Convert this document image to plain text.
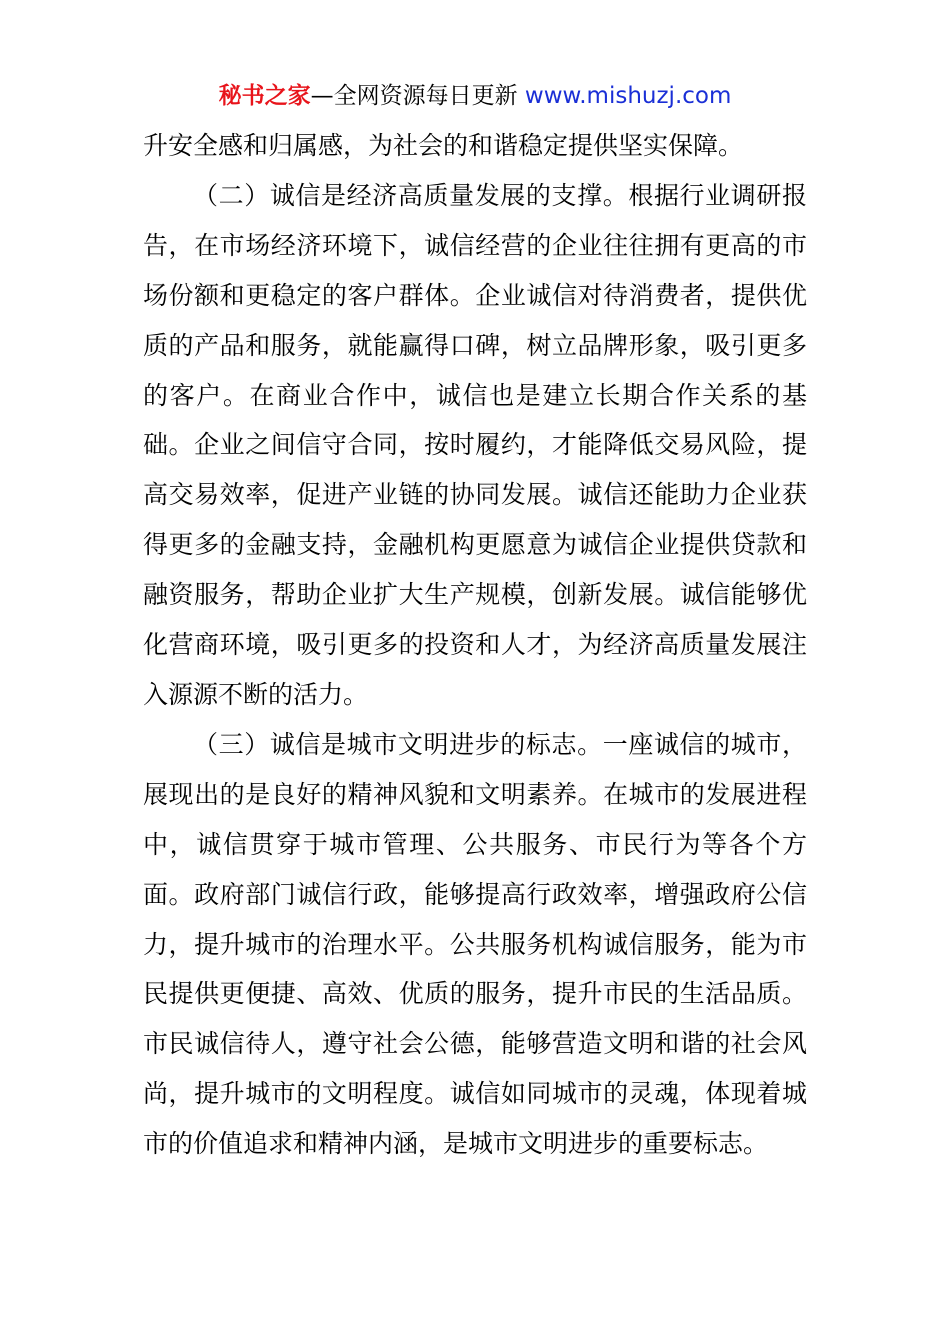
秘书之家—全网资源每日更新 www.mishuzj.com

升安全感和归属感，为社会的和谐稳定提供坚实保障。

（二）诚信是经济高质量发展的支撑。根据行业调研报告，在市场经济环境下，诚信经营的企业往往拥有更高的市场份额和更稳定的客户群体。企业诚信对待消费者，提供优质的产品和服务，就能赢得口碑，树立品牌形象，吸引更多的客户。在商业合作中，诚信也是建立长期合作关系的基础。企业之间信守合同，按时履约，才能降低交易风险，提高交易效率，促进产业链的协同发展。诚信还能助力企业获得更多的金融支持，金融机构更愿意为诚信企业提供贷款和融资服务，帮助企业扩大生产规模，创新发展。诚信能够优化营商环境，吸引更多的投资和人才，为经济高质量发展注入源源不断的活力。

（三）诚信是城市文明进步的标志。一座诚信的城市，展现出的是良好的精神风貌和文明素养。在城市的发展进程中，诚信贯穿于城市管理、公共服务、市民行为等各个方面。政府部门诚信行政，能够提高行政效率，增强政府公信力，提升城市的治理水平。公共服务机构诚信服务，能为市民提供更便捷、高效、优质的服务，提升市民的生活品质。市民诚信待人，遵守社会公德，能够营造文明和谐的社会风尚，提升城市的文明程度。诚信如同城市的灵魂，体现着城市的价值追求和精神内涵，是城市文明进步的重要标志。
